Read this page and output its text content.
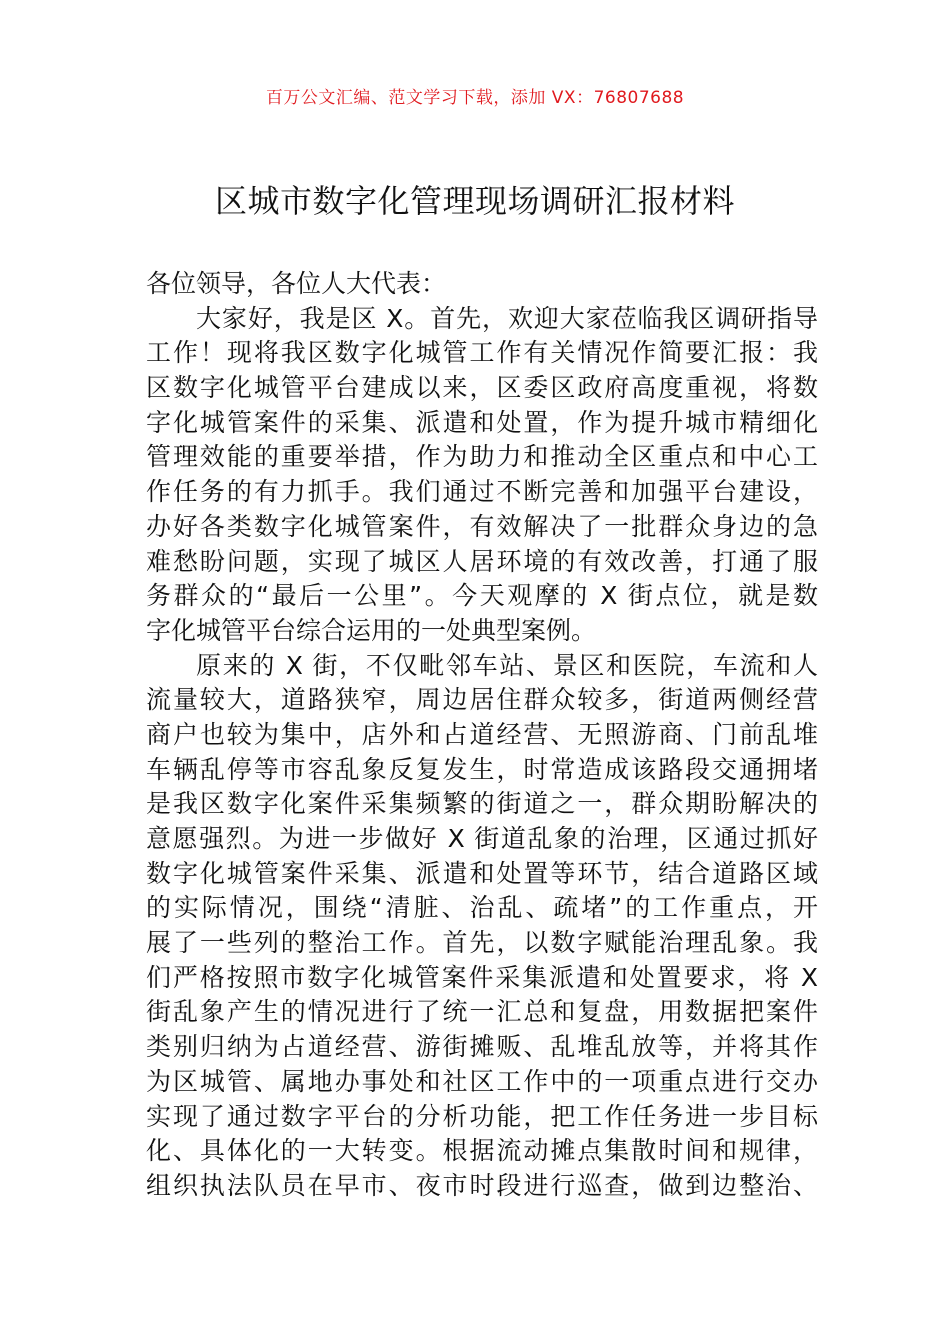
百万公文汇编、范文学习下载，添加 VX：76807688
区城市数字化管理现场调研汇报材料
各位领导，各位人大代表：
大家好，我是区 X。首先，欢迎大家莅临我区调研指导
工作！现将我区数字化城管工作有关情况作简要汇报：我
区数字化城管平台建成以来，区委区政府高度重视，将数
字化城管案件的采集、派遣和处置，作为提升城市精细化
管理效能的重要举措，作为助力和推动全区重点和中心工
作任务的有力抓手。我们通过不断完善和加强平台建设，
办好各类数字化城管案件，有效解决了一批群众身边的急
难愁盼问题，实现了城区人居环境的有效改善，打通了服
务群众的“最后一公里”。今天观摩的 X 街点位，就是数
字化城管平台综合运用的一处典型案例。
原来的 X 街，不仅毗邻车站、景区和医院，车流和人
流量较大，道路狭窄，周边居住群众较多，街道两侧经营
商户也较为集中，店外和占道经营、无照游商、门前乱堆
车辆乱停等市容乱象反复发生，时常造成该路段交通拥堵
是我区数字化案件采集频繁的街道之一，群众期盼解决的
意愿强烈。为进一步做好 X 街道乱象的治理，区通过抓好
数字化城管案件采集、派遣和处置等环节，结合道路区域
的实际情况，围绕“清脏、治乱、疏堵”的工作重点，开
展了一些列的整治工作。首先，以数字赋能治理乱象。我
们严格按照市数字化城管案件采集派遣和处置要求，将 X
街乱象产生的情况进行了统一汇总和复盘，用数据把案件
类别归纳为占道经营、游街摊贩、乱堆乱放等，并将其作
为区城管、属地办事处和社区工作中的一项重点进行交办
实现了通过数字平台的分析功能，把工作任务进一步目标
化、具体化的一大转变。根据流动摊点集散时间和规律，
组织执法队员在早市、夜市时段进行巡查，做到边整治、
